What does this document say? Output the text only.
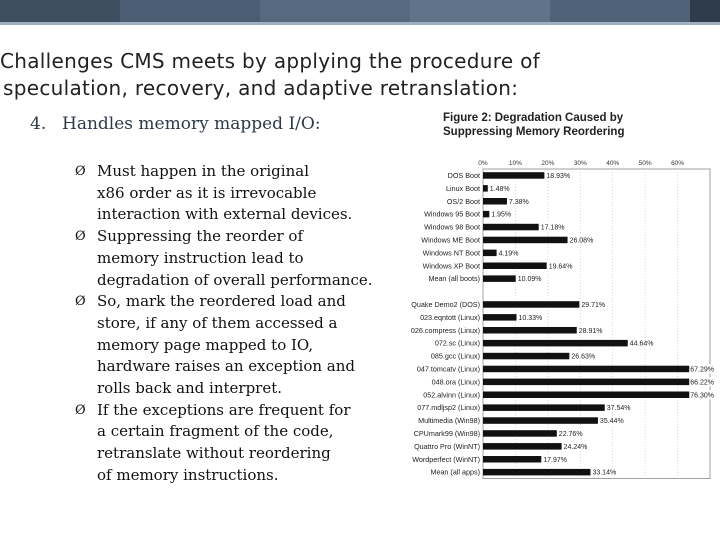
Challenges CMS meets by applying the procedure of
speculation, recovery, and adaptive retranslation:
4. Handles memory mapped I/O:
Ø Must happen in the original
x86 order as it is irrevocable
interaction with external devices.
Ø Suppressing the reorder of
memory instruction lead to
degradation of overall performance.
Ø So, mark the reordered load and
store, if any of them accessed a
memory page mapped to IO,
hardware raises an exception and
rolls back and interpret.
Ø If the exceptions are frequent for
a certain fragment of the code,
retranslate without reordering
of memory instructions.
Figure 2: Degradation Caused by
Suppressing Memory Reordering
0%	10%	20%	30%	40%	50%	60%
DOS Boot	18.93%
Linux Boot 1.48%
OS/2 Boot	7.38%
Windows 95 Boot 1.95%
Windows 98 Boot	17.18%
Windows ME Boot	26.08%
Windows NT Boot	4.19%
Windows XP Boot	19.64%
Mean (all boots)	10.09%
Quake Demo2 (DOS)	29.71%
023.eqntott (Linux)	10.33%
026.compress (Linux)	28.91%
072.sc (Linux)	44.64%
085.gcc (Linux)	26.63%
047.tomcatv (Linux)	67.29%
048.ora (Linux)	66.22%
052.alvinn (Linux)	76.30%
077.mdljsp2 (Linux)	37.54%
Multimedia (Win98)	35.44%
CPUmark99 (Win98)	22.76%
Quattro Pro (WinNT)	24.24%
Wordperfect (WinNT)	17.97%
Mean (all apps)	33.14%
